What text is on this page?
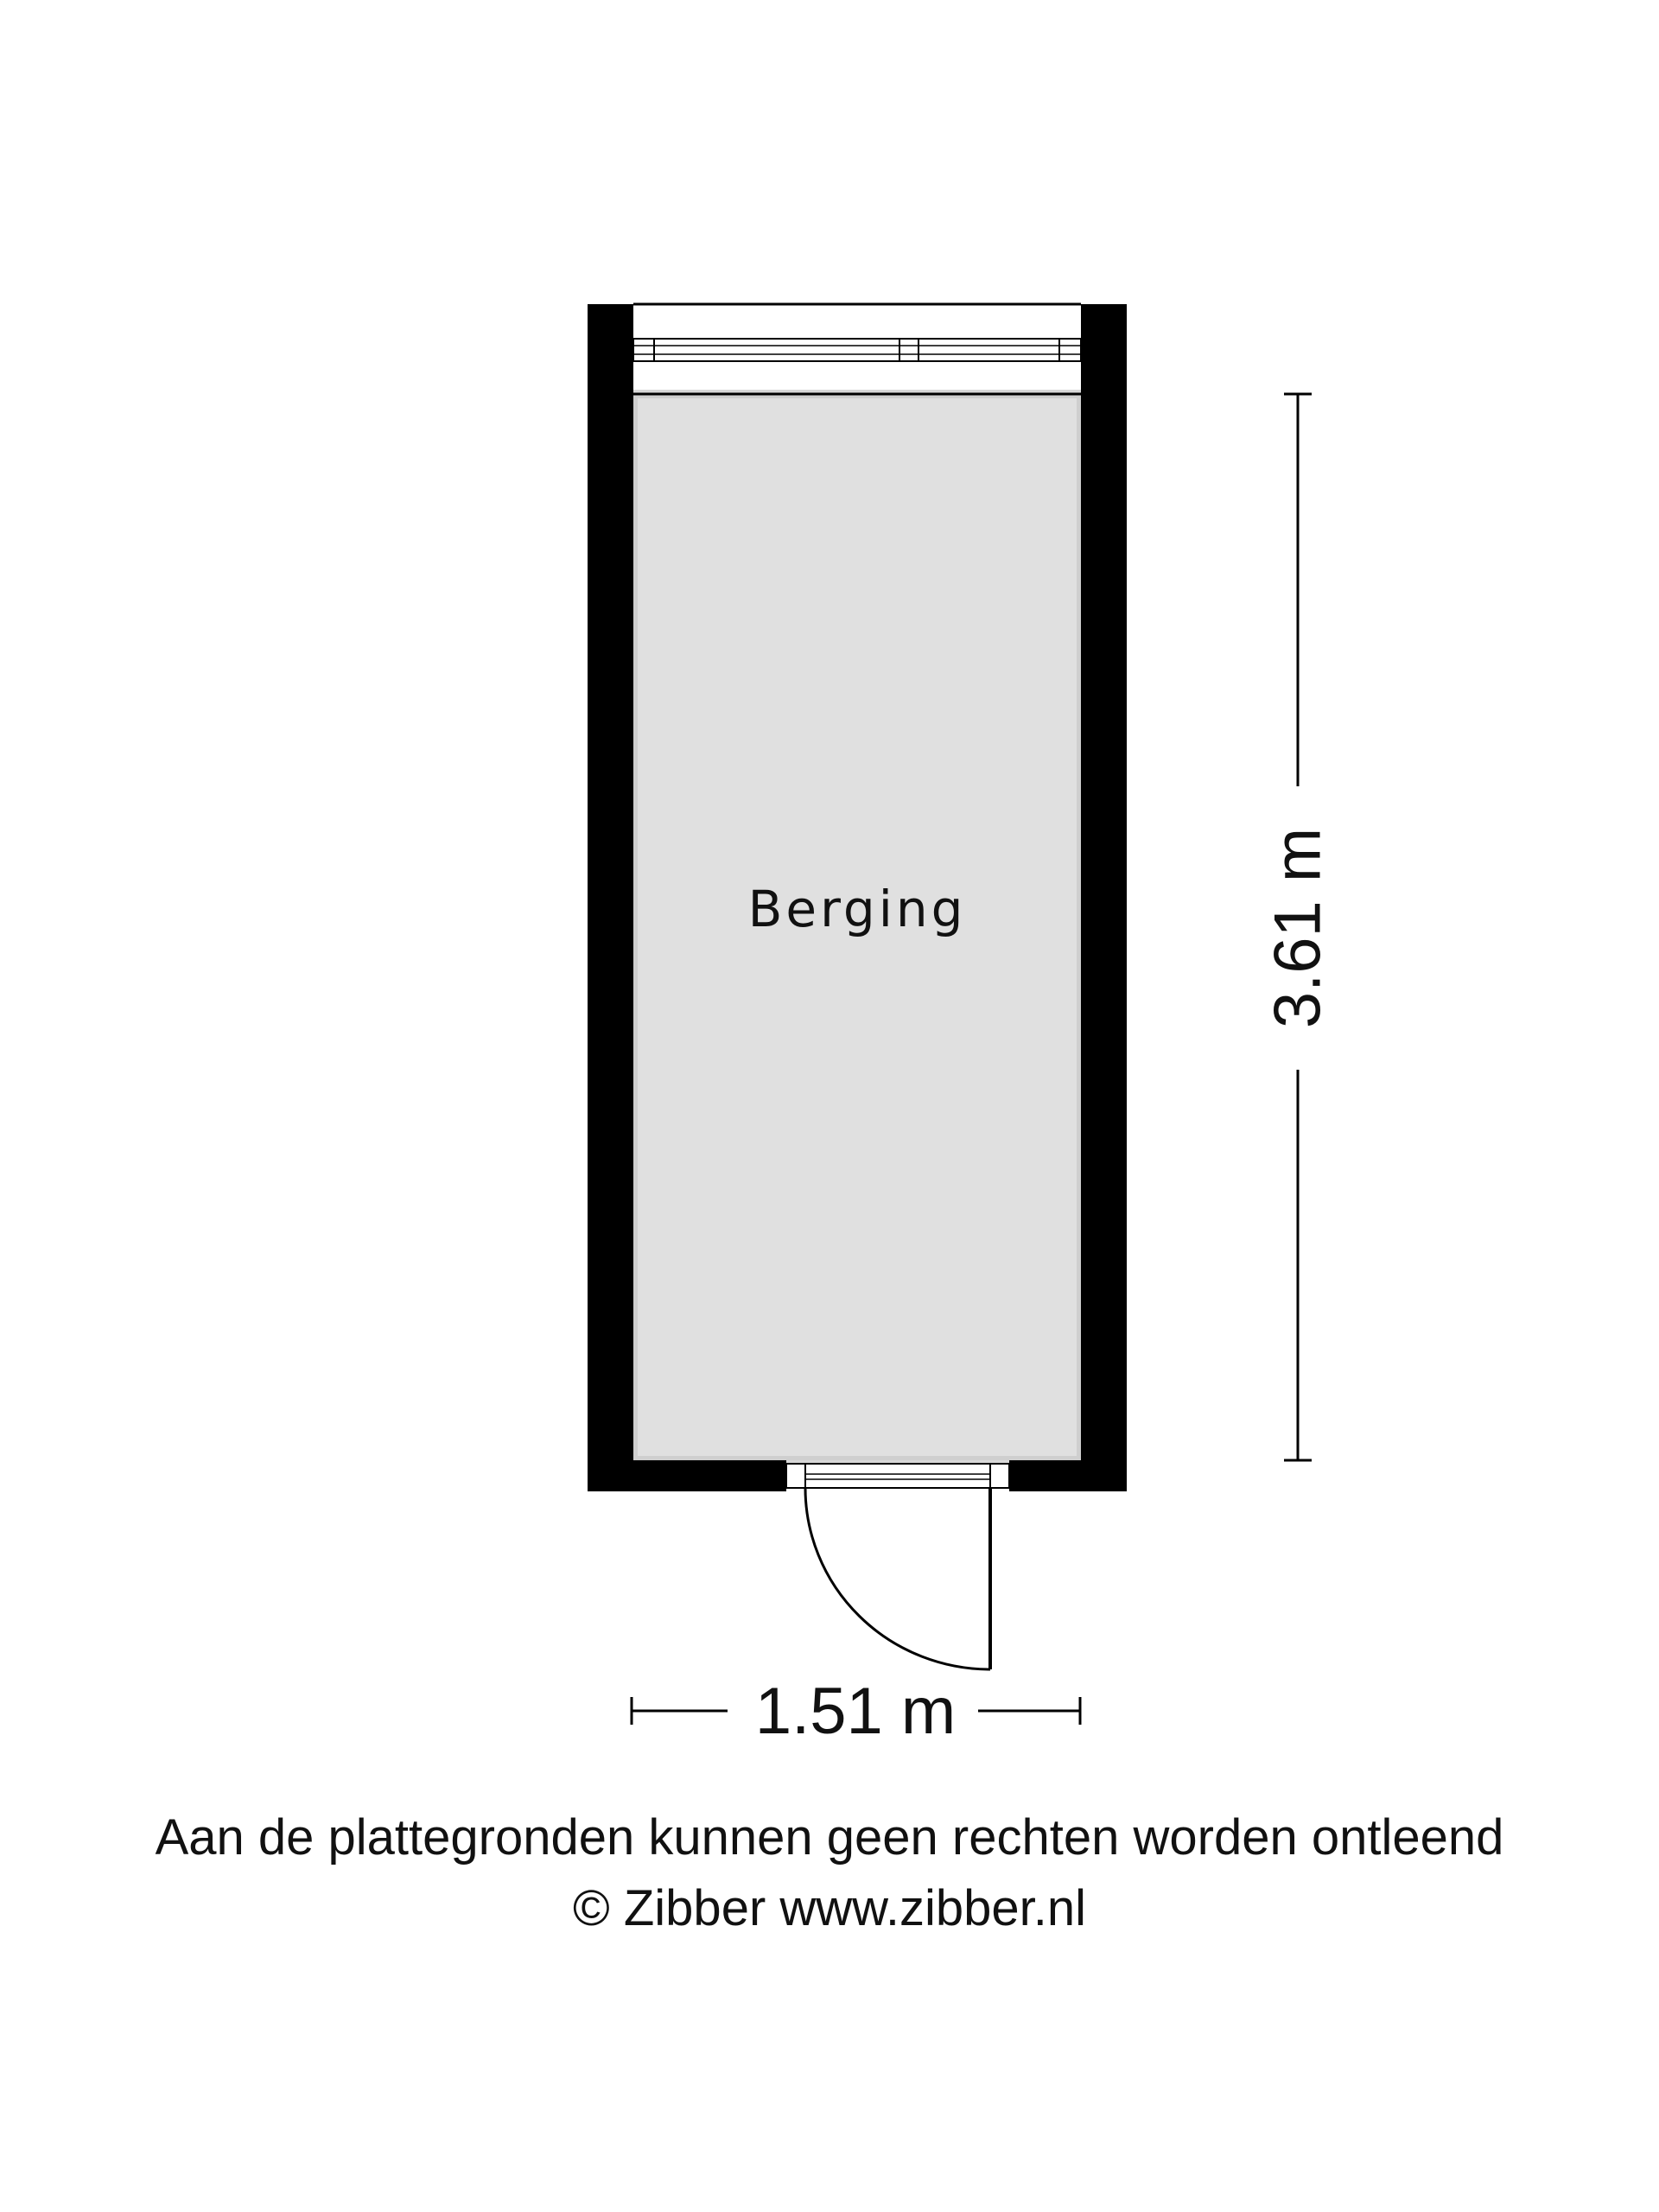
Berging	3.61 m
1.51 m
Aan de plattegronden kunnen geen rechten worden ontleend
© Zibber www.zibber.nl
